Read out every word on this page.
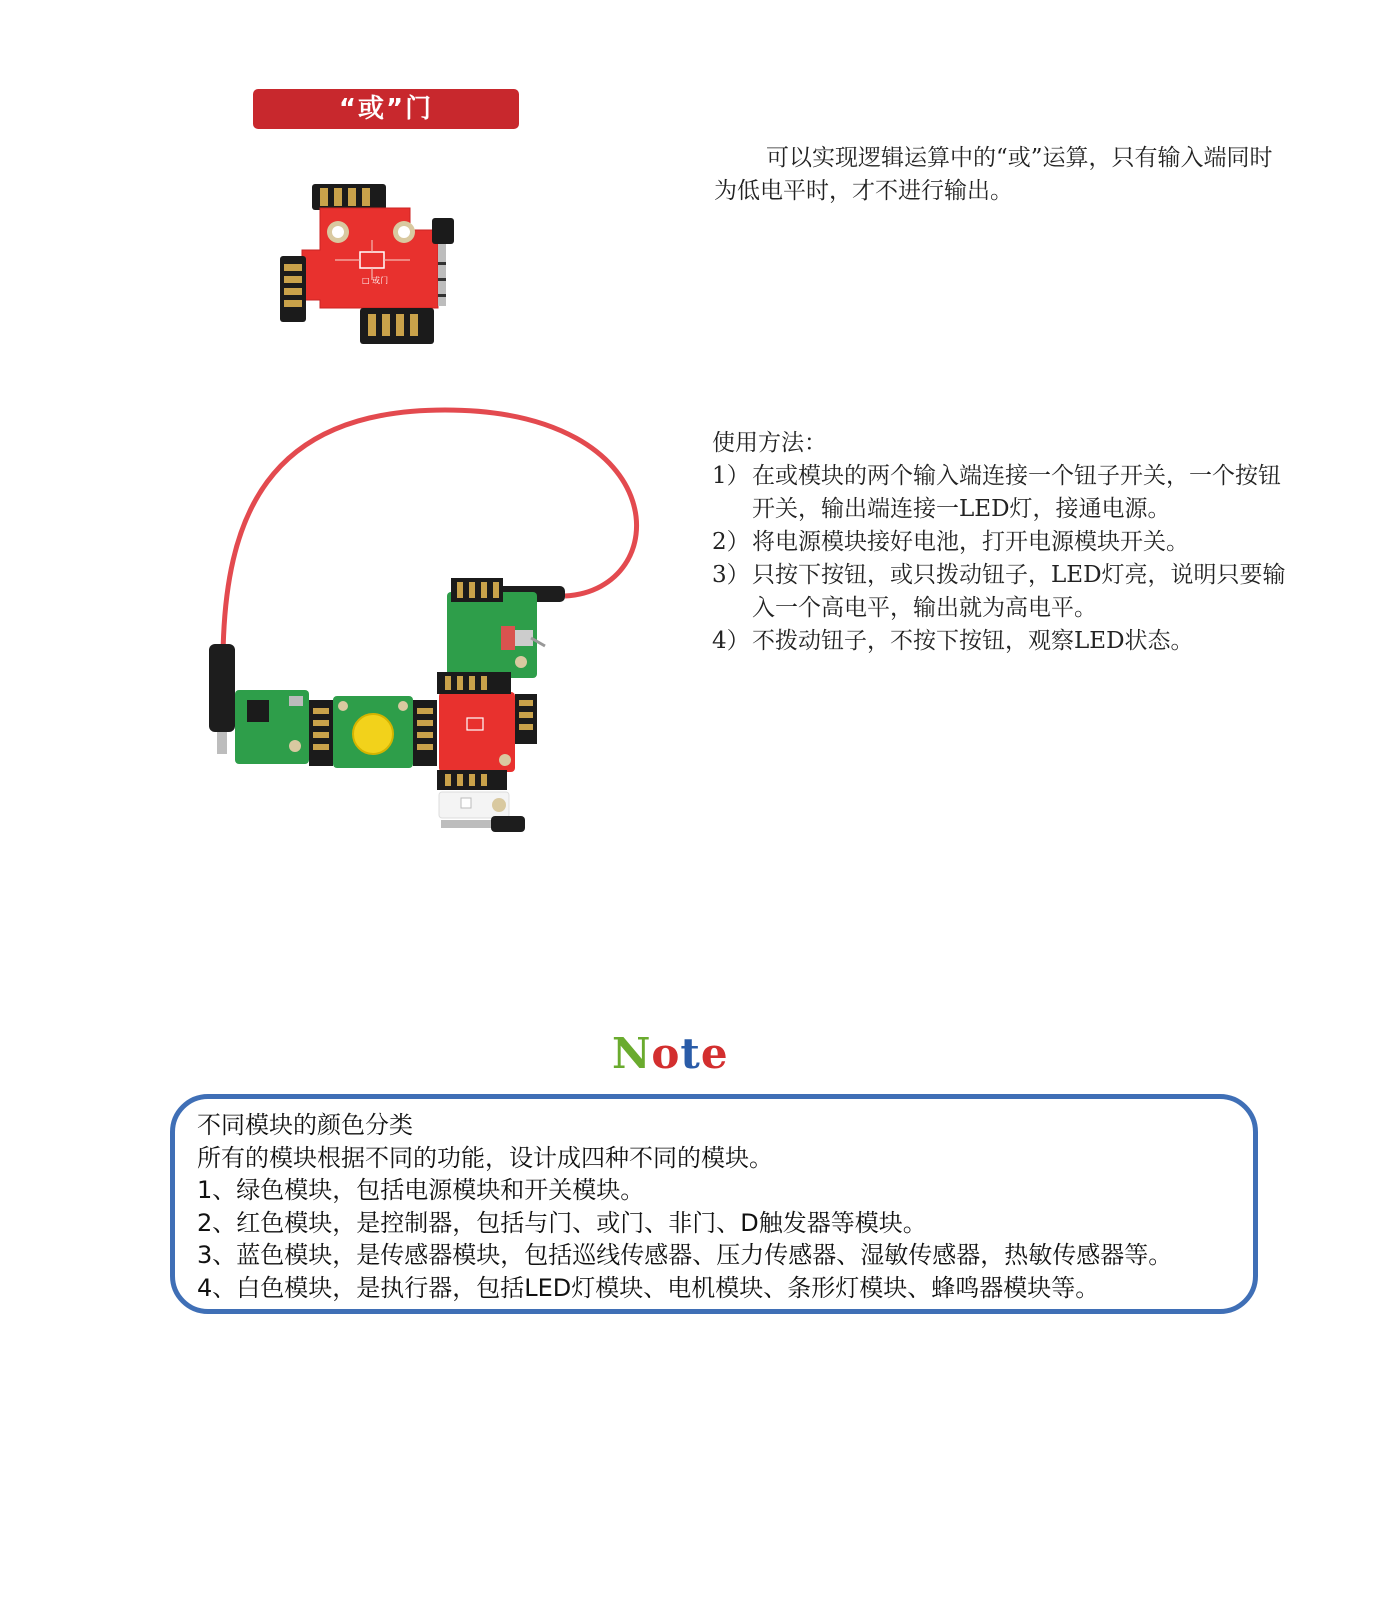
“或”门
□ 或门
可以实现逻辑运算中的“或”运算，只有输入端同时为低电平时，才不进行输出。
使用方法：
1） 在或模块的两个输入端连接一个钮子开关，一个按钮开关，输出端连接一LED灯，接通电源。
2） 将电源模块接好电池，打开电源模块开关。
3） 只按下按钮，或只拨动钮子，LED灯亮，说明只要输入一个高电平，输出就为高电平。
4） 不拨动钮子，不按下按钮，观察LED状态。
Note
不同模块的颜色分类
所有的模块根据不同的功能，设计成四种不同的模块。
1、绿色模块，包括电源模块和开关模块。
2、红色模块，是控制器，包括与门、或门、非门、D触发器等模块。
3、蓝色模块，是传感器模块，包括巡线传感器、压力传感器、湿敏传感器，热敏传感器等。
4、白色模块，是执行器，包括LED灯模块、电机模块、条形灯模块、蜂鸣器模块等。
